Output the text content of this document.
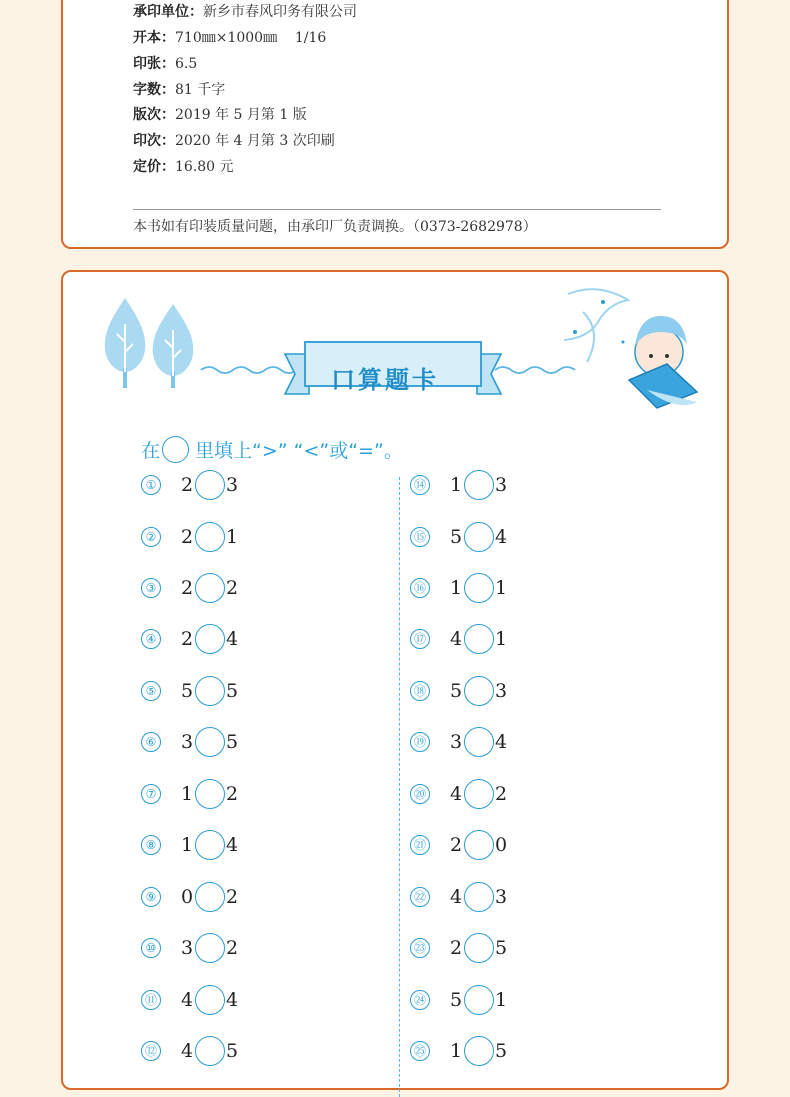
承印单位：新乡市春风印务有限公司
开本：710㎜×1000㎜    1/16
印张：6.5
字数：81 千字
版次：2019 年 5 月第 1 版
印次：2020 年 4 月第 3 次印刷
定价：16.80 元
本书如有印装质量问题，由承印厂负责调换。（0373-2682978）
口算题卡
在 里填上“>” “<”或“=”。
① 2 3
② 2 1
③ 2 2
④ 2 4
⑤ 5 5
⑥ 3 5
⑦ 1 2
⑧ 1 4
⑨ 0 2
⑩ 3 2
⑪ 4 4
⑫ 4 5
⑭ 1 3
⑮ 5 4
⑯ 1 1
⑰ 4 1
⑱ 5 3
⑲ 3 4
⑳ 4 2
㉑ 2 0
㉒ 4 3
㉓ 2 5
㉔ 5 1
㉕ 1 5
